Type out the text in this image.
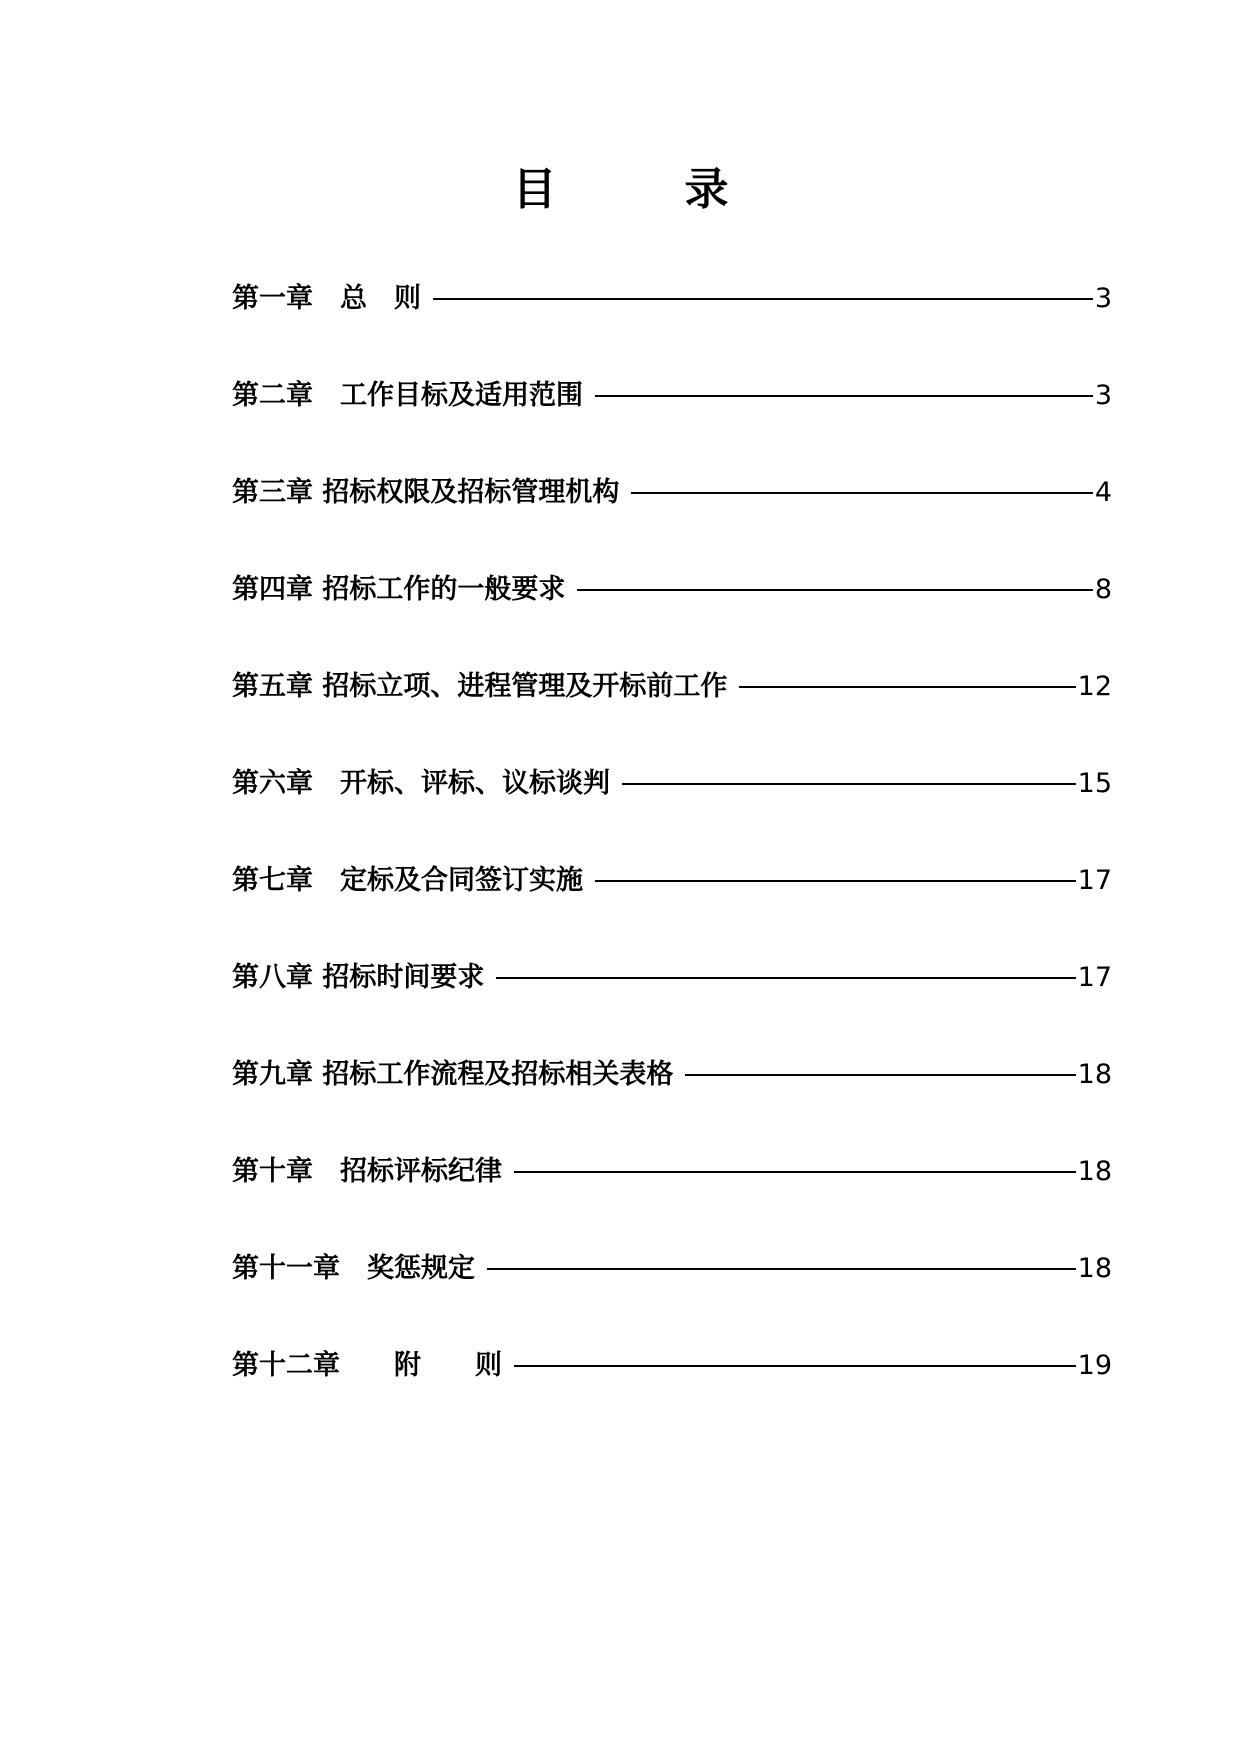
目　录
第一章　总　则	3
第二章　工作目标及适用范围	3
第三章 招标权限及招标管理机构	4
第四章 招标工作的一般要求	8
第五章 招标立项、进程管理及开标前工作	12
第六章　开标、评标、议标谈判	15
第七章　定标及合同签订实施	17
第八章 招标时间要求	17
第九章 招标工作流程及招标相关表格	18
第十章　招标评标纪律	18
第十一章　奖惩规定	18
第十二章　　附　　则	19
